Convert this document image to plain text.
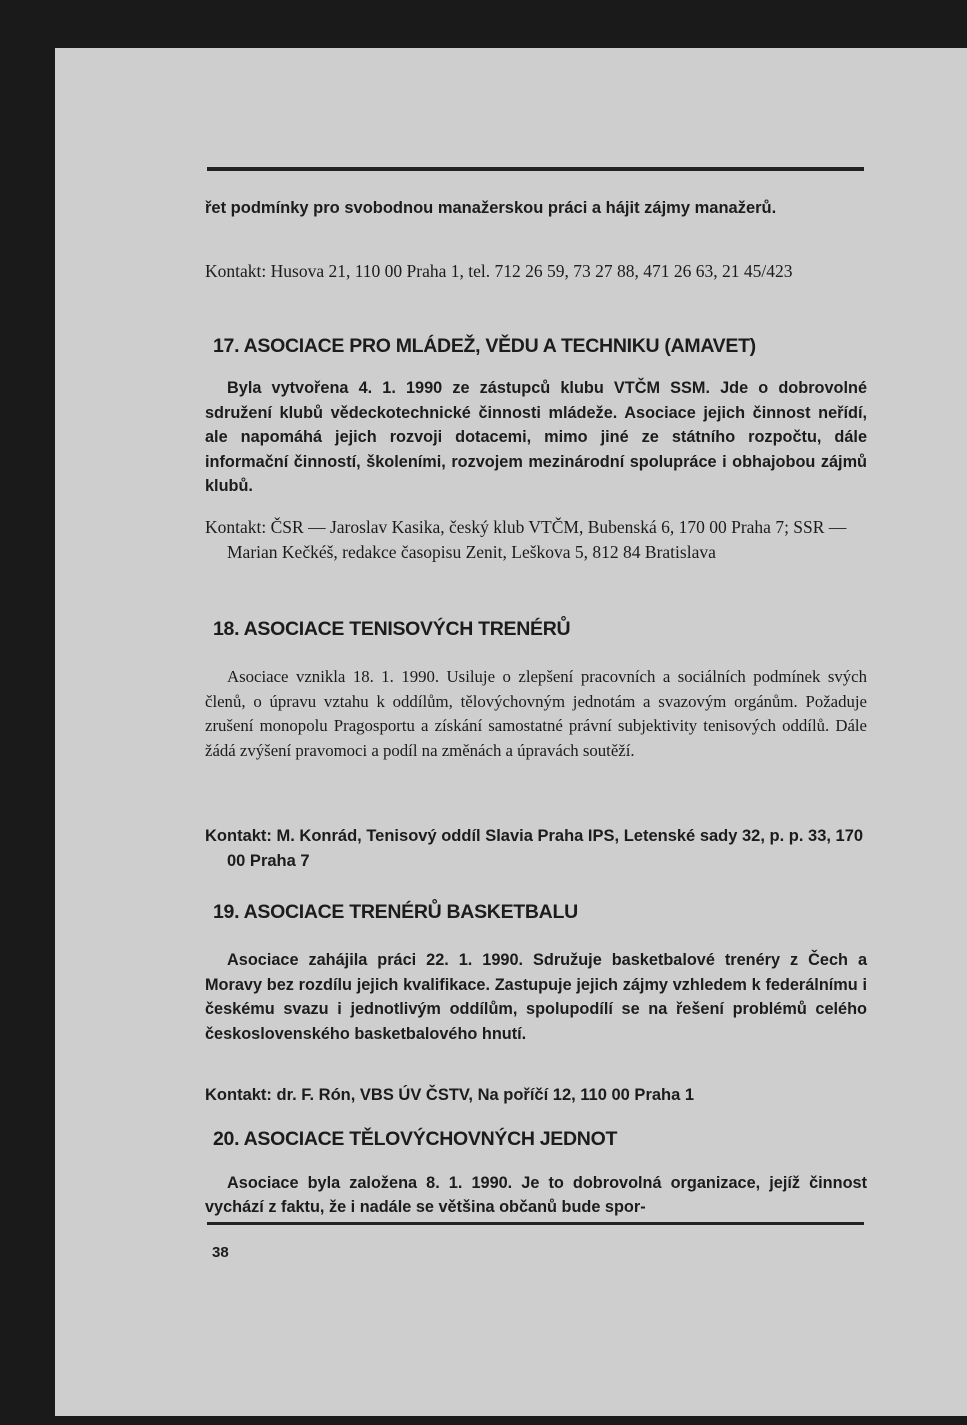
řet podmínky pro svobodnou manažerskou práci a hájit zájmy manažerů.

Kontakt: Husova 21, 110 00 Praha 1, tel. 712 26 59, 73 27 88, 471 26 63, 21 45/423

17. ASOCIACE PRO MLÁDEŽ, VĚDU A TECHNIKU (AMAVET)

Byla vytvořena 4. 1. 1990 ze zástupců klubu VTČM SSM. Jde o dobrovolné sdružení klubů vědeckotechnické činnosti mládeže. Asociace jejich činnost neřídí, ale napomáhá jejich rozvoji dotacemi, mimo jiné ze státního rozpočtu, dále informační činností, školeními, rozvojem mezinárodní spolupráce i obhajobou zájmů klubů.

Kontakt: ČSR — Jaroslav Kasika, český klub VTČM, Bubenská 6, 170 00 Praha 7; SSR — Marian Kečkéš, redakce časopisu Zenit, Leškova 5, 812 84 Bratislava

18. ASOCIACE TENISOVÝCH TRENÉRŮ

Asociace vznikla 18. 1. 1990. Usiluje o zlepšení pracovních a sociálních podmínek svých členů, o úpravu vztahu k oddílům, tělovýchovným jednotám a svazovým orgánům. Požaduje zrušení monopolu Pragosportu a získání samostatné právní subjektivity tenisových oddílů. Dále žádá zvýšení pravomoci a podíl na změnách a úpravách soutěží.

Kontakt: M. Konrád, Tenisový oddíl Slavia Praha IPS, Letenské sady 32, p. p. 33, 170 00 Praha 7

19. ASOCIACE TRENÉRŮ BASKETBALU

Asociace zahájila práci 22. 1. 1990. Sdružuje basketbalové trenéry z Čech a Moravy bez rozdílu jejich kvalifikace. Zastupuje jejich zájmy vzhledem k federálnímu i českému svazu i jednotlivým oddílům, spolupodílí se na řešení problémů celého československého basketbalového hnutí.

Kontakt: dr. F. Rón, VBS ÚV ČSTV, Na poříčí 12, 110 00 Praha 1

20. ASOCIACE TĚLOVÝCHOVNÝCH JEDNOT

Asociace byla založena 8. 1. 1990. Je to dobrovolná organizace, jejíž činnost vychází z faktu, že i nadále se většina občanů bude spor-

38
